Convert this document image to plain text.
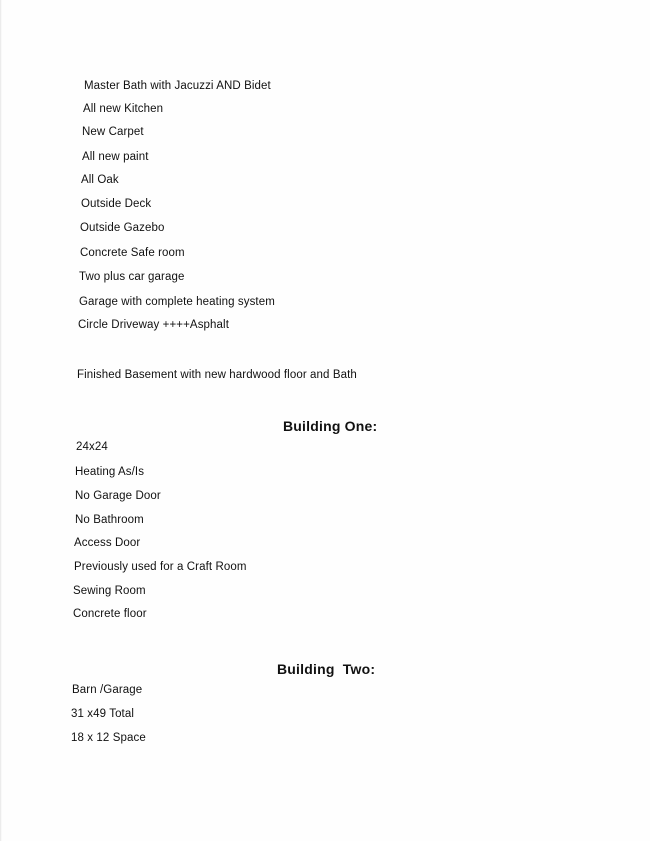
Master Bath with Jacuzzi AND Bidet
All new Kitchen
New Carpet
All new paint
All Oak
Outside Deck
Outside Gazebo
Concrete Safe room
Two plus car garage
Garage with complete heating system
Circle Driveway ++++Asphalt
Finished Basement with new hardwood floor and Bath
Building One:
24x24
Heating As/Is
No Garage Door
No Bathroom
Access Door
Previously used for a Craft Room
Sewing Room
Concrete floor
Building  Two:
Barn /Garage
31 x49 Total
18 x 12 Space
